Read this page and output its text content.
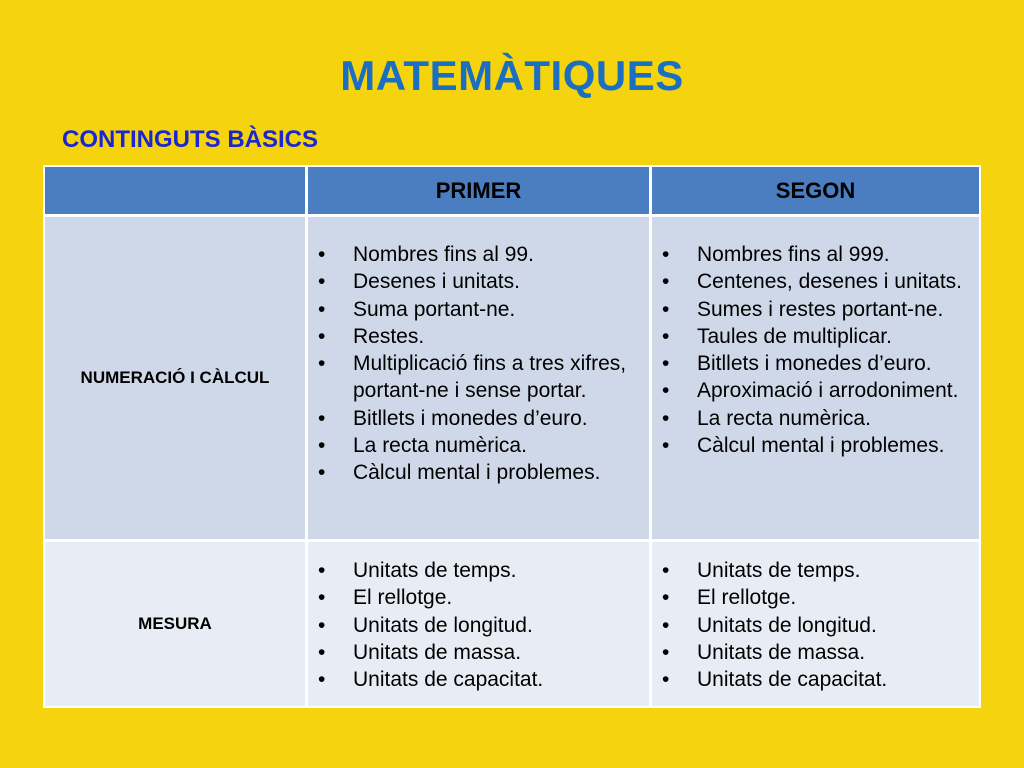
MATEMÀTIQUES
CONTINGUTS BÀSICS
PRIMER	SEGON
NUMERACIÓ I CÀLCUL
• Nombres fins al 99.
• Desenes i unitats.
• Suma portant-ne.
• Restes.
• Multiplicació fins a tres xifres, portant-ne i sense portar.
• Bitllets i monedes d’euro.
• La recta numèrica.
• Càlcul mental i problemes.
• Nombres fins al 999.
• Centenes, desenes i unitats.
• Sumes i restes portant-ne.
• Taules de multiplicar.
• Bitllets i monedes d’euro.
• Aproximació i arrodoniment.
• La recta numèrica.
• Càlcul mental i problemes.
MESURA
• Unitats de temps.
• El rellotge.
• Unitats de longitud.
• Unitats de massa.
• Unitats de capacitat.
• Unitats de temps.
• El rellotge.
• Unitats de longitud.
• Unitats de massa.
• Unitats de capacitat.
